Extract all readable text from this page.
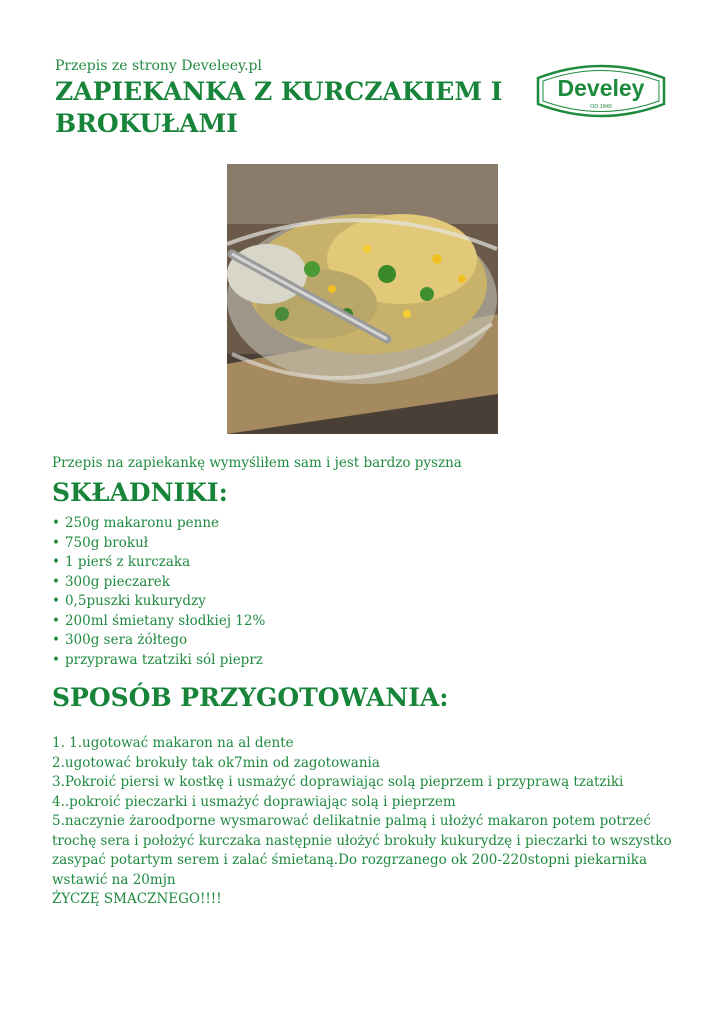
Przepis ze strony Develeey.pl
ZAPIEKANKA Z KURCZAKIEM I BROKUŁAMI
Develey
OD 1845
Przepis na zapiekankę wymyśliłem sam i jest bardzo pyszna
SKŁADNIKI:
• 250g makaronu penne
• 750g brokuł
• 1 pierś z kurczaka
• 300g pieczarek
• 0,5puszki kukurydzy
• 200ml śmietany słodkiej 12%
• 300g sera żółtego
• przyprawa tzatziki sól pieprz
SPOSÓB PRZYGOTOWANIA:

1. 1.ugotować makaron na al dente

2.ugotować brokuły tak ok7min od zagotowania

3.Pokroić piersi w kostkę i usmażyć doprawiając solą pieprzem i przyprawą tzatziki

4..pokroić pieczarki i usmażyć doprawiając solą i pieprzem

5.naczynie żaroodporne wysmarować delikatnie palmą i ułożyć makaron potem potrzeć trochę sera i położyć kurczaka następnie ułożyć brokuły kukurydzę i pieczarki to wszystko zasypać potartym serem i zalać śmietaną.Do rozgrzanego ok 200-220stopni piekarnika wstawić na 20mjn

ŻYCZĘ SMACZNEGO!!!!
